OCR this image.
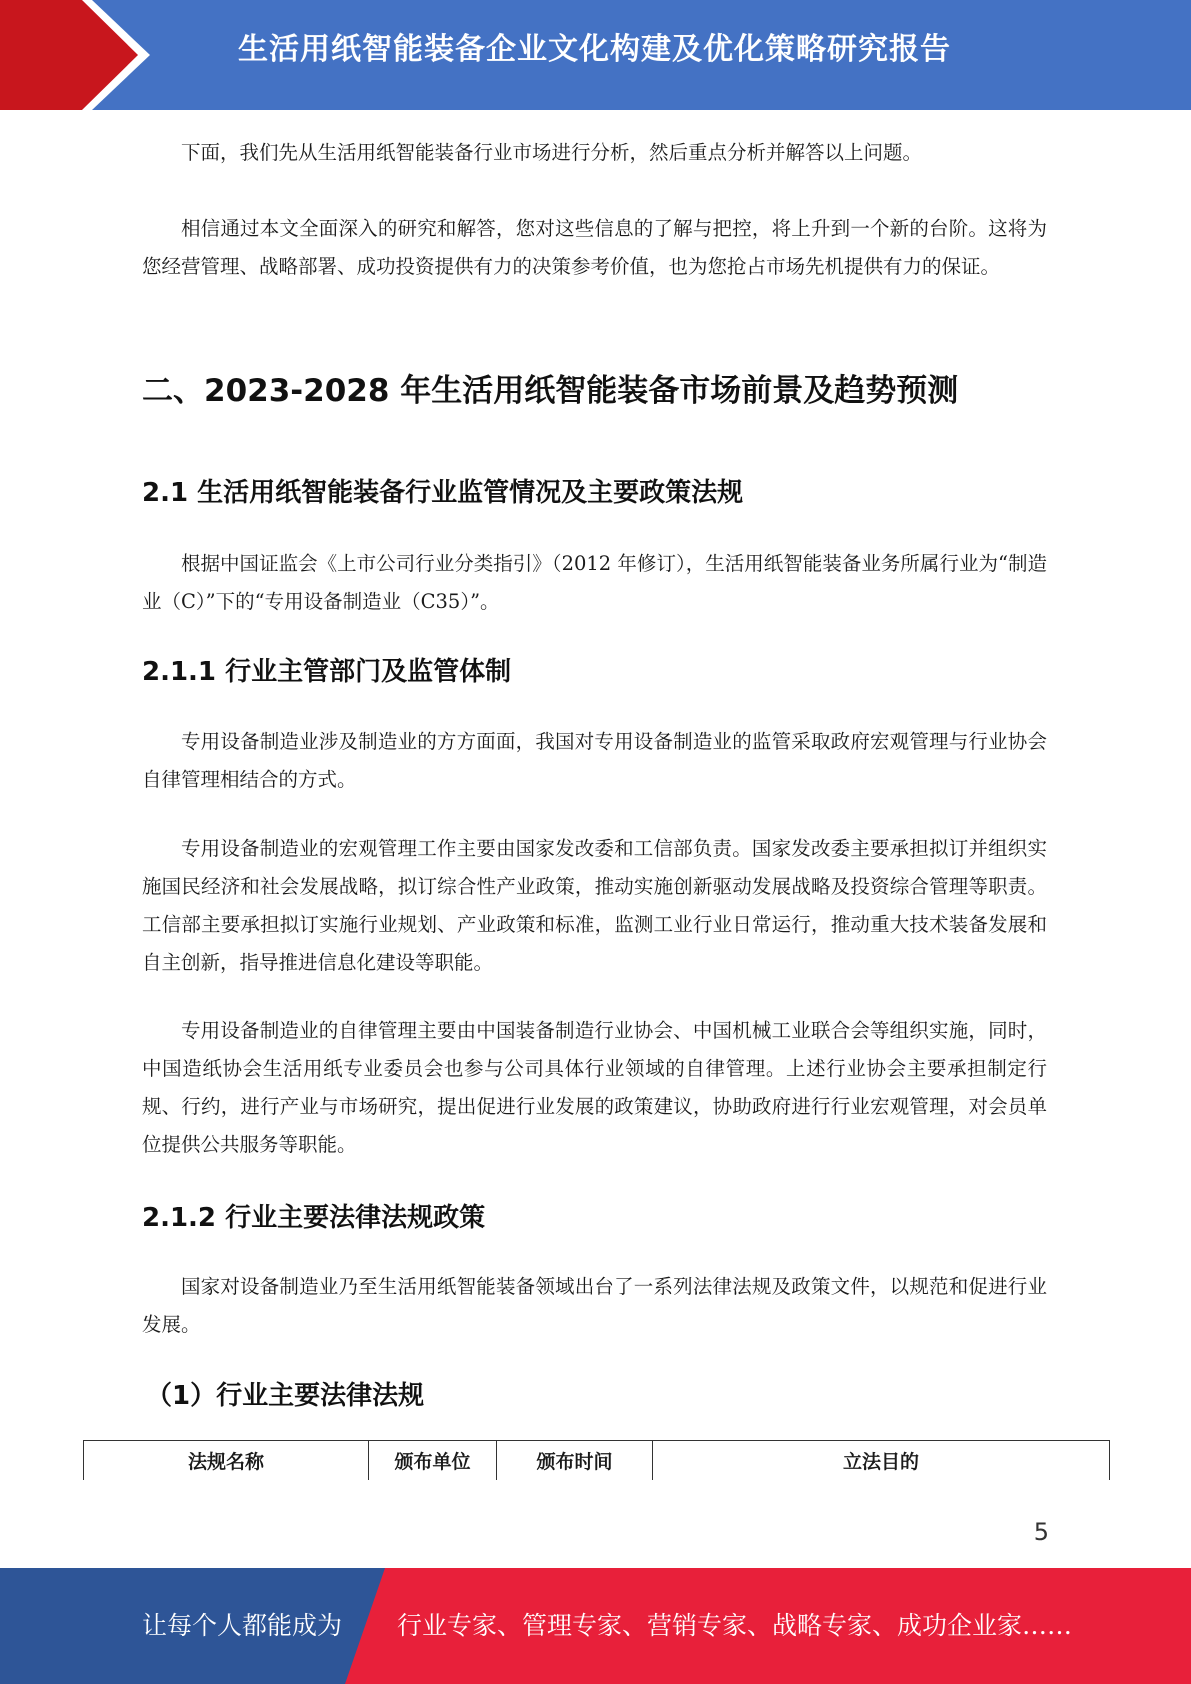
生活用纸智能装备企业文化构建及优化策略研究报告

下面，我们先从生活用纸智能装备行业市场进行分析，然后重点分析并解答以上问题。

相信通过本文全面深入的研究和解答，您对这些信息的了解与把控，将上升到一个新的台阶。这将为您经营管理、战略部署、成功投资提供有力的决策参考价值，也为您抢占市场先机提供有力的保证。

二、2023-2028 年生活用纸智能装备市场前景及趋势预测
2.1 生活用纸智能装备行业监管情况及主要政策法规

根据中国证监会《上市公司行业分类指引》（2012 年修订），生活用纸智能装备业务所属行业为“制造业（C）”下的“专用设备制造业（C35）”。

2.1.1 行业主管部门及监管体制

专用设备制造业涉及制造业的方方面面，我国对专用设备制造业的监管采取政府宏观管理与行业协会自律管理相结合的方式。

专用设备制造业的宏观管理工作主要由国家发改委和工信部负责。国家发改委主要承担拟订并组织实施国民经济和社会发展战略，拟订综合性产业政策，推动实施创新驱动发展战略及投资综合管理等职责。工信部主要承担拟订实施行业规划、产业政策和标准，监测工业行业日常运行，推动重大技术装备发展和自主创新，指导推进信息化建设等职能。

专用设备制造业的自律管理主要由中国装备制造行业协会、中国机械工业联合会等组织实施，同时，中国造纸协会生活用纸专业委员会也参与公司具体行业领域的自律管理。上述行业协会主要承担制定行规、行约，进行产业与市场研究，提出促进行业发展的政策建议，协助政府进行行业宏观管理，对会员单位提供公共服务等职能。

2.1.2 行业主要法律法规政策

国家对设备制造业乃至生活用纸智能装备领域出台了一系列法律法规及政策文件，以规范和促进行业发展。

（1）行业主要法律法规
法规名称	颁布单位	颁布时间	立法目的
5
让每个人都能成为 行业专家、管理专家、营销专家、战略专家、成功企业家……
